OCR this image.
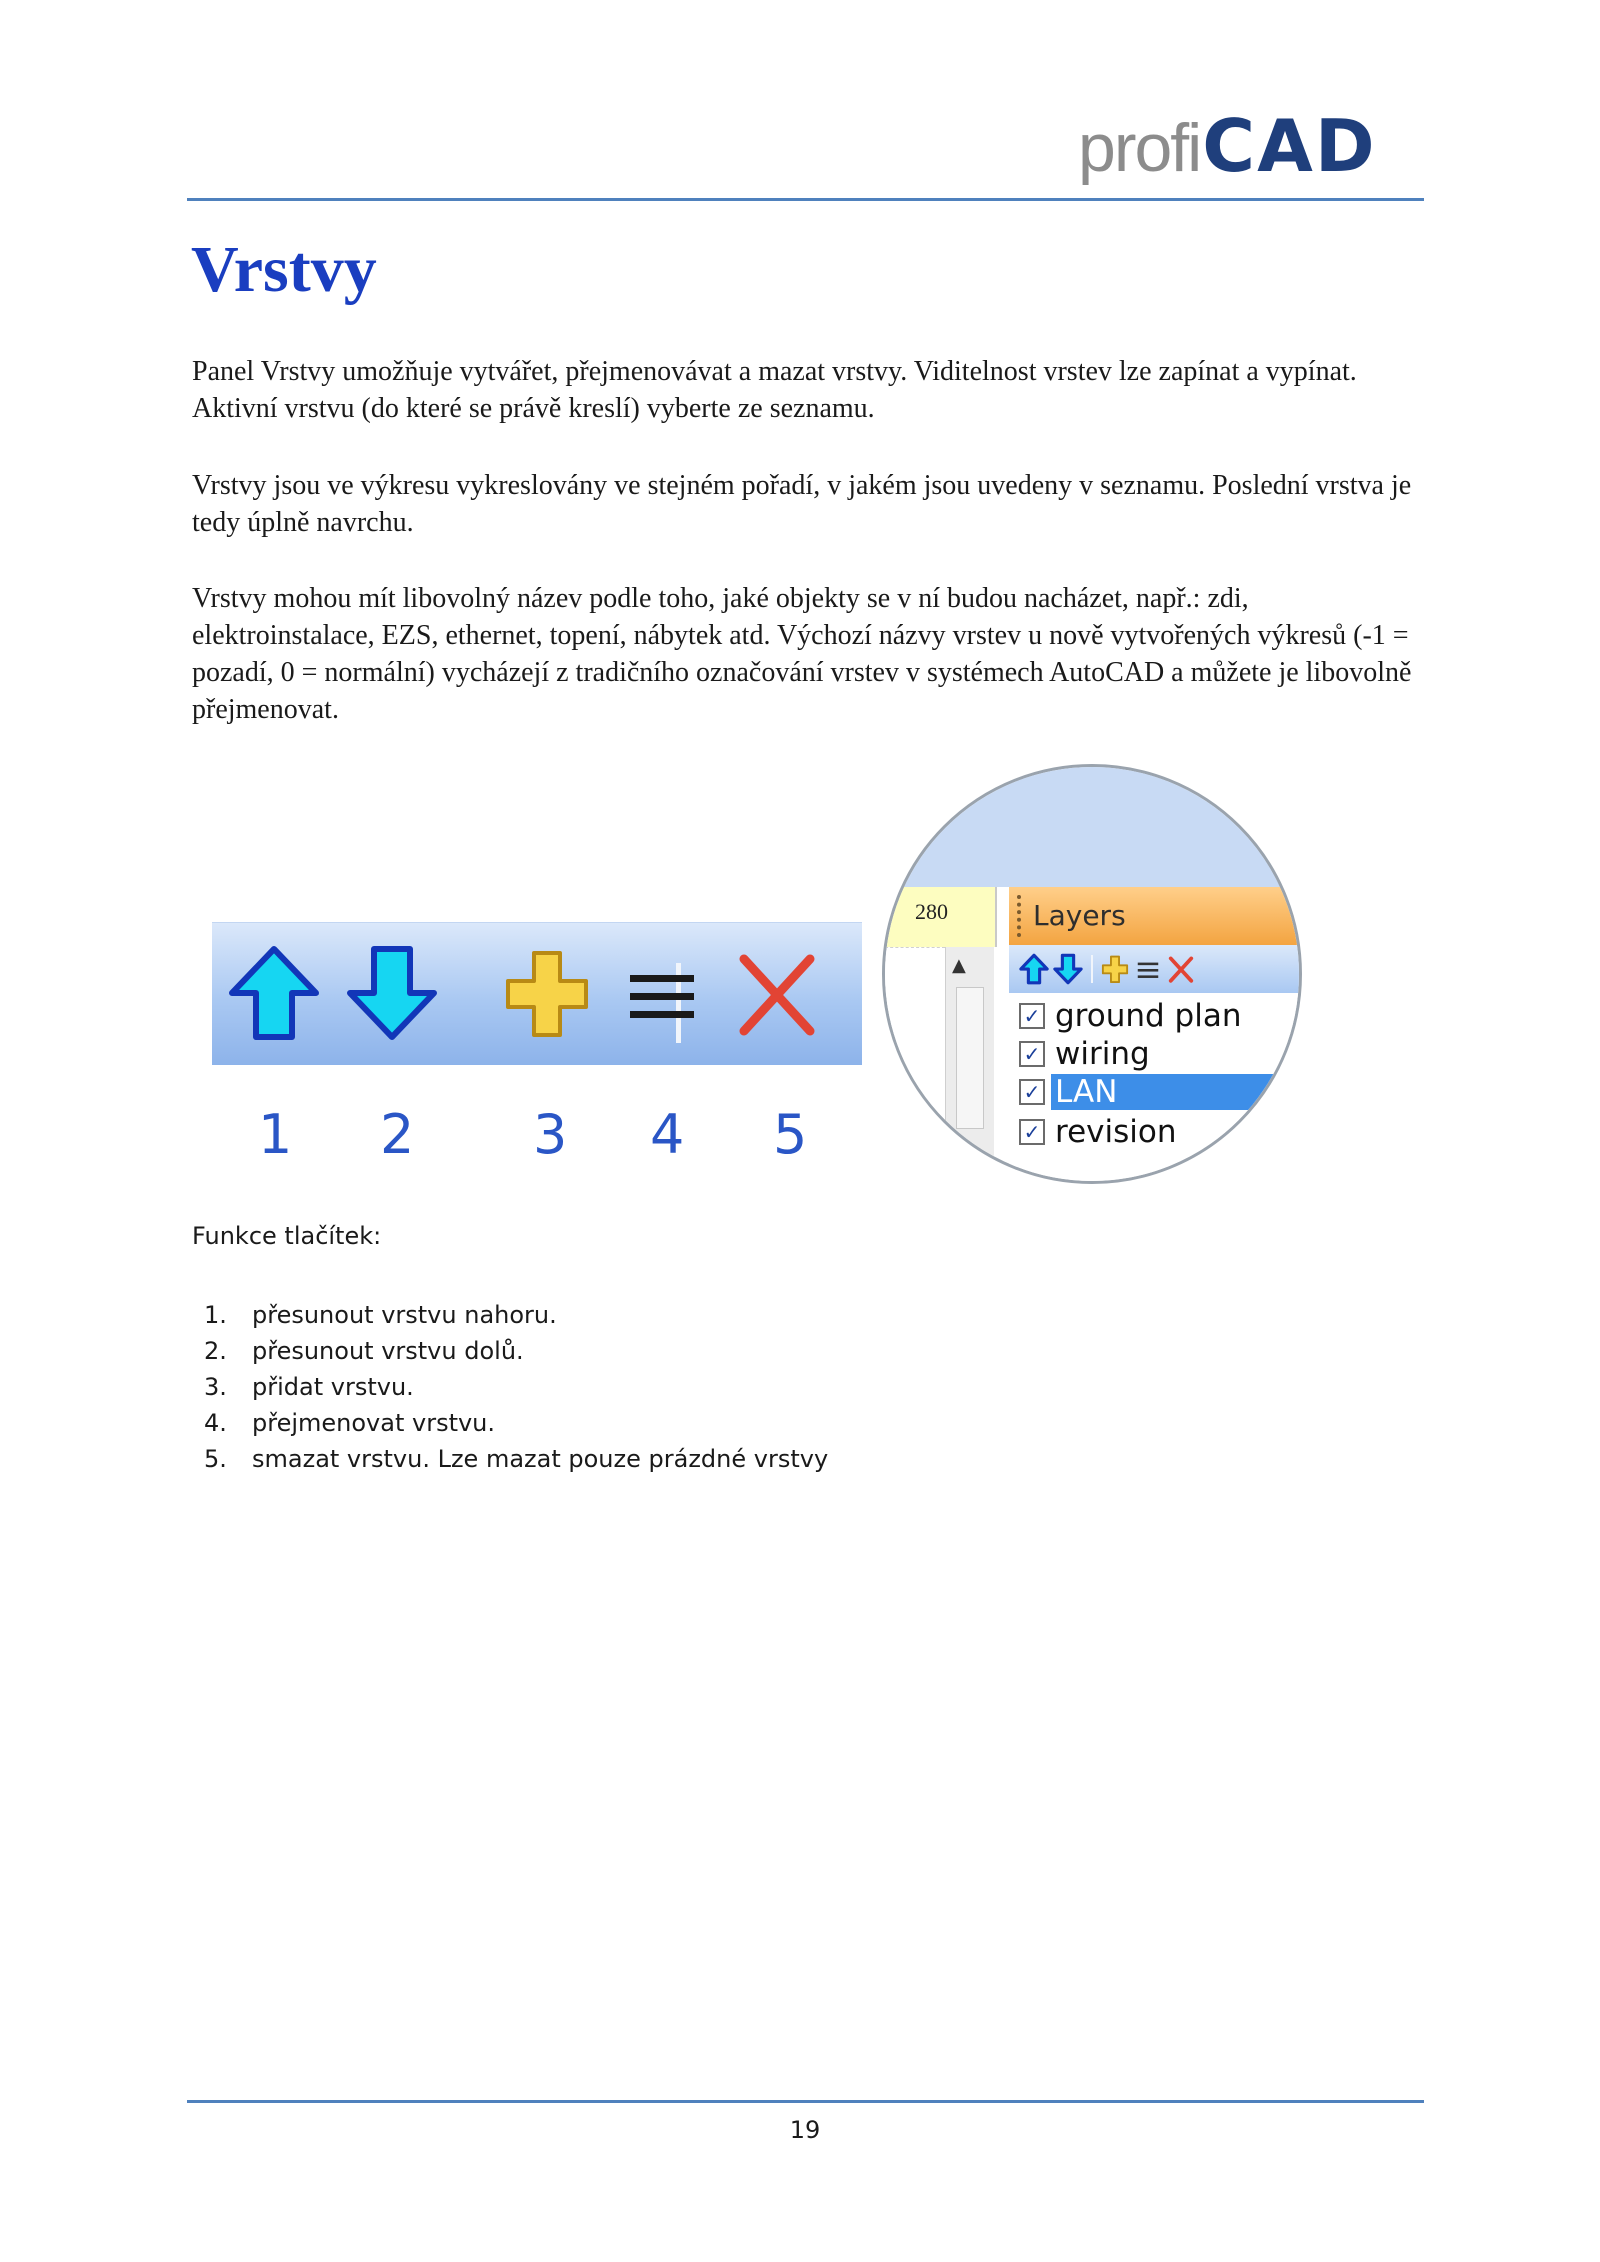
profi CAD
Vrstvy

Panel Vrstvy umožňuje vytvářet, přejmenovávat a mazat vrstvy. Viditelnost vrstev lze zapínat a vypínat. Aktivní vrstvu (do které se právě kreslí) vyberte ze seznamu.

Vrstvy jsou ve výkresu vykreslovány ve stejném pořadí, v jakém jsou uvedeny v seznamu. Poslední vrstva je tedy úplně navrchu.

Vrstvy mohou mít libovolný název podle toho, jaké objekty se v ní budou nacházet, např.: zdi, elektroinstalace, EZS, ethernet, topení, nábytek atd. Výchozí názvy vrstev u nově vytvořených výkresů (-1 = pozadí, 0 = normální) vycházejí z tradičního označování vrstev v systémech AutoCAD a můžete je libovolně přejmenovat.

1 2 3 4 5
280
▲
Layers
✓ ground plan
✓ wiring
✓ LAN
✓ revision
Funkce tlačítek:
1.	přesunout vrstvu nahoru.
2.	přesunout vrstvu dolů.
3.	přidat vrstvu.
4.	přejmenovat vrstvu.
5.	smazat vrstvu. Lze mazat pouze prázdné vrstvy
19
